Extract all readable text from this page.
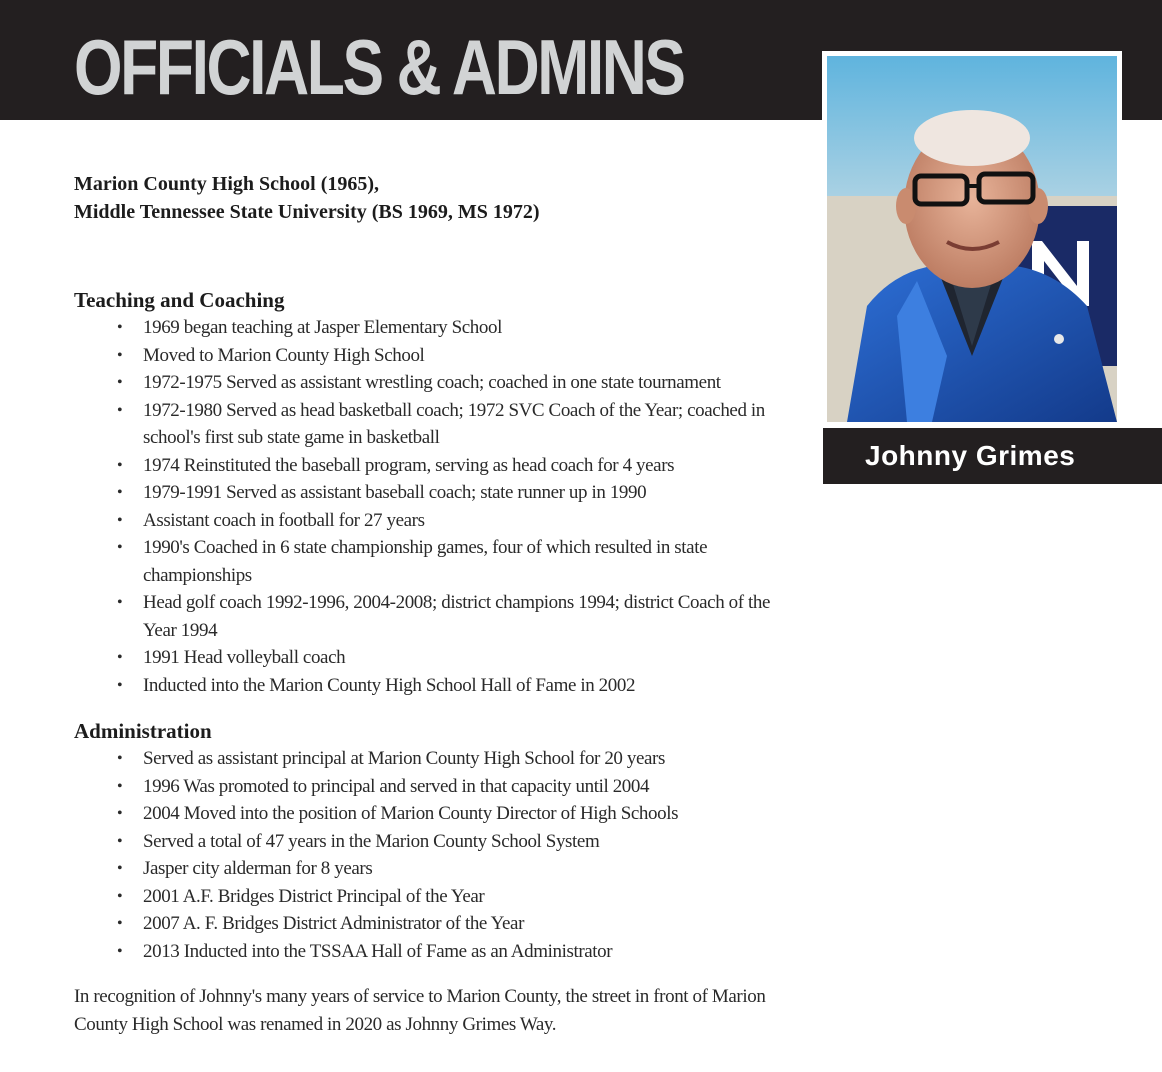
OFFICIALS & ADMINS
Johnny Grimes
Marion County High School (1965),
Middle Tennessee State University (BS 1969, MS 1972)
Teaching and Coaching
• 1969 began teaching at Jasper Elementary School
• Moved to Marion County High School
• 1972-1975 Served as assistant wrestling coach; coached in one state tournament
• 1972-1980 Served as head basketball coach; 1972 SVC Coach of the Year; coached in school's first sub state game in basketball
• 1974 Reinstituted the baseball program, serving as head coach for 4 years
• 1979-1991 Served as assistant baseball coach; state runner up in 1990
• Assistant coach in football for 27 years
• 1990's Coached in 6 state championship games, four of which resulted in state championships
• Head golf coach 1992-1996, 2004-2008; district champions 1994; district Coach of the Year 1994
• 1991 Head volleyball coach
• Inducted into the Marion County High School Hall of Fame in 2002
Administration
• Served as assistant principal at Marion County High School for 20 years
• 1996 Was promoted to principal and served in that capacity until 2004
• 2004 Moved into the position of Marion County Director of High Schools
• Served a total of 47 years in the Marion County School System
• Jasper city alderman for 8 years
• 2001 A.F. Bridges District Principal of the Year
• 2007 A. F. Bridges District Administrator of the Year
• 2013 Inducted into the TSSAA Hall of Fame as an Administrator

In recognition of Johnny's many years of service to Marion County, the street in front of Marion County High School was renamed in 2020 as Johnny Grimes Way.
